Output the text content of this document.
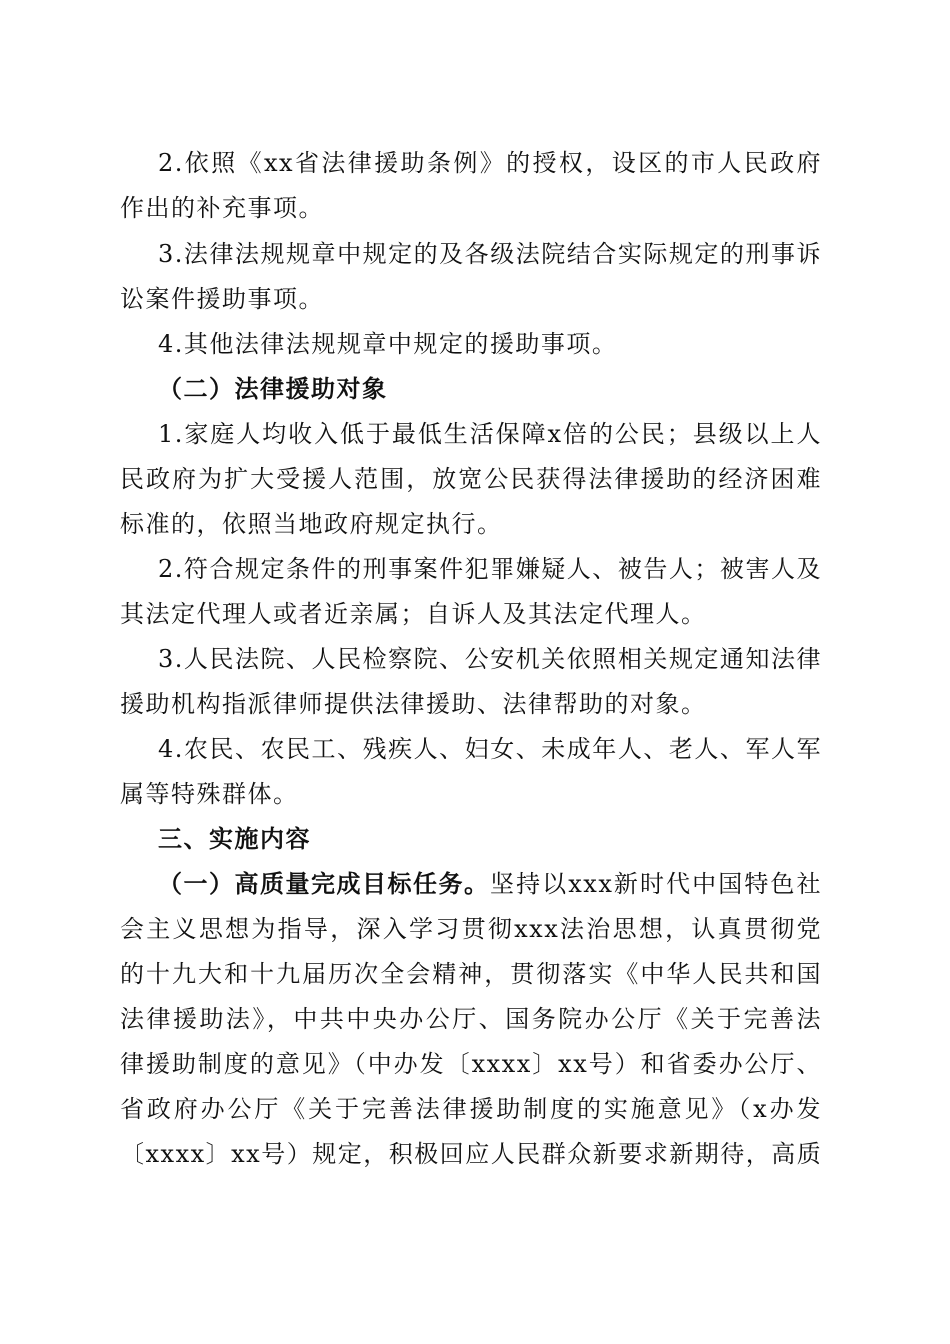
2.依照《xx省法律援助条例》的授权，设区的市人民政府
作出的补充事项。
3.法律法规规章中规定的及各级法院结合实际规定的刑事诉
讼案件援助事项。
4.其他法律法规规章中规定的援助事项。
（二）法律援助对象
1.家庭人均收入低于最低生活保障x倍的公民；县级以上人
民政府为扩大受援人范围，放宽公民获得法律援助的经济困难
标准的，依照当地政府规定执行。
2.符合规定条件的刑事案件犯罪嫌疑人、被告人；被害人及
其法定代理人或者近亲属；自诉人及其法定代理人。
3.人民法院、人民检察院、公安机关依照相关规定通知法律
援助机构指派律师提供法律援助、法律帮助的对象。
4.农民、农民工、残疾人、妇女、未成年人、老人、军人军
属等特殊群体。
三、实施内容
（一）高质量完成目标任务。 坚持以xxx新时代中国特色社
会主义思想为指导，深入学习贯彻xxx法治思想，认真贯彻党
的十九大和十九届历次全会精神，贯彻落实《中华人民共和国
法律援助法》，中共中央办公厅、国务院办公厅《关于完善法
律援助制度的意见》（中办发〔xxxx〕xx号）和省委办公厅、
省政府办公厅《关于完善法律援助制度的实施意见》（x办发
〔xxxx〕xx号）规定，积极回应人民群众新要求新期待，高质
